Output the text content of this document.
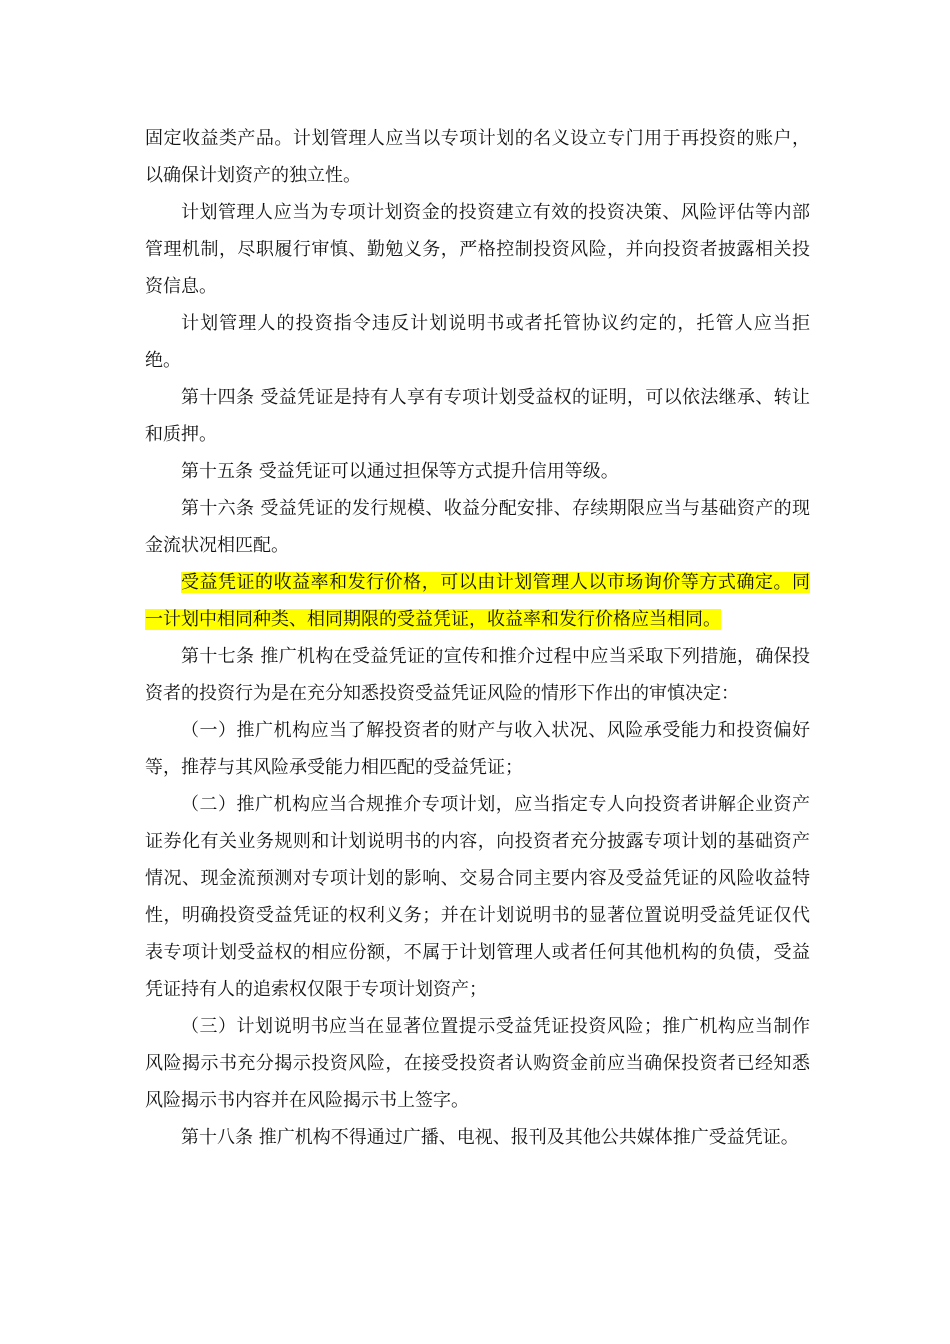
固定收益类产品。计划管理人应当以专项计划的名义设立专门用于再投资的账户，以确保计划资产的独立性。

计划管理人应当为专项计划资金的投资建立有效的投资决策、风险评估等内部管理机制，尽职履行审慎、勤勉义务，严格控制投资风险，并向投资者披露相关投资信息。

计划管理人的投资指令违反计划说明书或者托管协议约定的，托管人应当拒绝。

第十四条 受益凭证是持有人享有专项计划受益权的证明，可以依法继承、转让和质押。

第十五条 受益凭证可以通过担保等方式提升信用等级。

第十六条 受益凭证的发行规模、收益分配安排、存续期限应当与基础资产的现金流状况相匹配。

受益凭证的收益率和发行价格，可以由计划管理人以市场询价等方式确定。同一计划中相同种类、相同期限的受益凭证，收益率和发行价格应当相同。

第十七条 推广机构在受益凭证的宣传和推介过程中应当采取下列措施，确保投资者的投资行为是在充分知悉投资受益凭证风险的情形下作出的审慎决定：

（一）推广机构应当了解投资者的财产与收入状况、风险承受能力和投资偏好等，推荐与其风险承受能力相匹配的受益凭证；

（二）推广机构应当合规推介专项计划，应当指定专人向投资者讲解企业资产证券化有关业务规则和计划说明书的内容，向投资者充分披露专项计划的基础资产情况、现金流预测对专项计划的影响、交易合同主要内容及受益凭证的风险收益特性，明确投资受益凭证的权利义务；并在计划说明书的显著位置说明受益凭证仅代表专项计划受益权的相应份额，不属于计划管理人或者任何其他机构的负债，受益凭证持有人的追索权仅限于专项计划资产；

（三）计划说明书应当在显著位置提示受益凭证投资风险；推广机构应当制作风险揭示书充分揭示投资风险，在接受投资者认购资金前应当确保投资者已经知悉风险揭示书内容并在风险揭示书上签字。

第十八条 推广机构不得通过广播、电视、报刊及其他公共媒体推广受益凭证。
